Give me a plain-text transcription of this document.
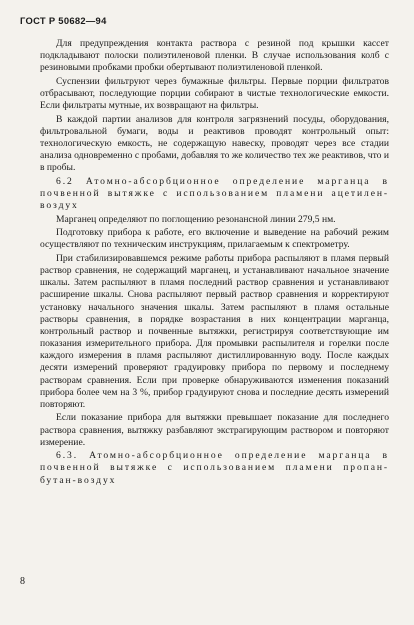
ГОСТ Р 50682—94

Для предупреждения контакта раствора с резиной под крышки кассет подкладывают полоски полиэтиленовой пленки. В случае использования колб с резиновыми пробками пробки обертывают полиэтиленовой пленкой.

Суспензии фильтруют через бумажные фильтры. Первые порции фильтратов отбрасывают, последующие порции собирают в чистые технологические емкости. Если фильтраты мутные, их возвращают на фильтры.

В каждой партии анализов для контроля загрязнений посуды, оборудования, фильтровальной бумаги, воды и реактивов проводят контрольный опыт: технологическую емкость, не содержащую навеску, проводят через все стадии анализа одновременно с пробами, добавляя то же количество тех же реактивов, что и в пробы.

6.2 Атомно-абсорбционное определение марганца в почвенной вытяжке с использованием пламени ацетилен-воздух

Марганец определяют по поглощению резонансной линии 279,5 нм.

Подготовку прибора к работе, его включение и выведение на рабочий режим осуществляют по техническим инструкциям, прилагаемым к спектрометру.

При стабилизировавшемся режиме работы прибора распыляют в пламя первый раствор сравнения, не содержащий марганец, и устанавливают начальное значение шкалы. Затем распыляют в пламя последний раствор сравнения и устанавливают расширение шкалы. Снова распыляют первый раствор сравнения и корректируют установку начального значения шкалы. Затем распыляют в пламя остальные растворы сравнения, в порядке возрастания в них концентрации марганца, контрольный раствор и почвенные вытяжки, регистрируя соответствующие им показания измерительного прибора. Для промывки распылителя и горелки после каждого измерения в пламя распыляют дистиллированную воду. После каждых десяти измерений проверяют градуировку прибора по первому и последнему растворам сравнения. Если при проверке обнаруживаются изменения показаний прибора более чем на 3 %, прибор градуируют снова и последние десять измерений повторяют.

Если показание прибора для вытяжки превышает показание для последнего раствора сравнения, вытяжку разбавляют экстрагирующим раствором и повторяют измерение.

6.3. Атомно-абсорбционное определение марганца в почвенной вытяжке с использованием пламени пропан-бутан-воздух

8
